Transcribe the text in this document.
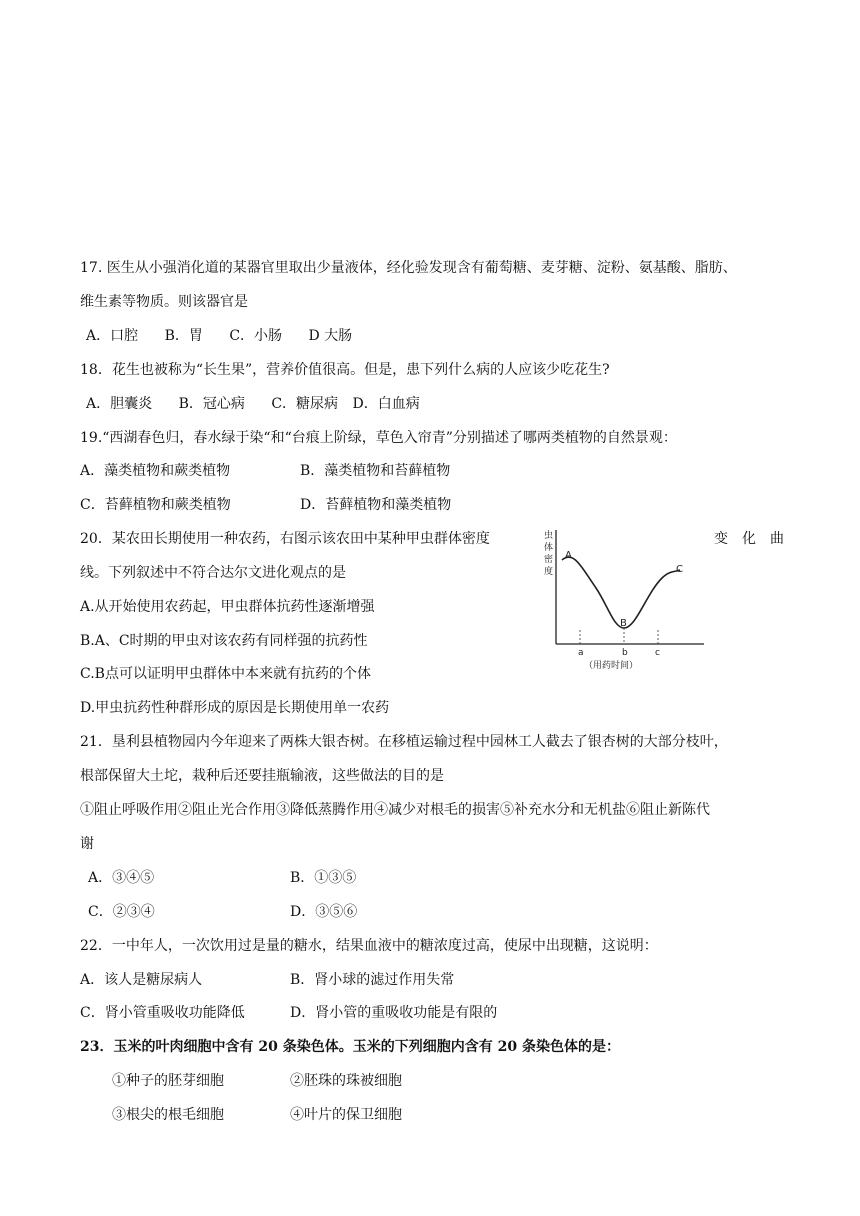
17. 医生从小强消化道的某器官里取出少量液体，经化验发现含有葡萄糖、麦芽糖、淀粉、氨基酸、脂肪、
维生素等物质。则该器官是
A．口腔 B．胃 C．小肠 D 大肠
18．花生也被称为“长生果”，营养价值很高。但是，患下列什么病的人应该少吃花生?
A．胆囊炎 B．冠心病 C．糖尿病 D．白血病
19.“西湖春色归，春水绿于染“和“台痕上阶绿，草色入帘青”分别描述了哪两类植物的自然景观：
A．藻类植物和蕨类植物	B．藻类植物和苔藓植物
C．苔藓植物和蕨类植物	D．苔藓植物和藻类植物
20．某农田长期使用一种农药，右图示该农田中某种甲虫群体密度	变化曲
线。下列叙述中不符合达尔文进化观点的是
A.从开始使用农药起，甲虫群体抗药性逐渐增强
B.A、C时期的甲虫对该农药有同样强的抗药性
C.B点可以证明甲虫群体中本来就有抗药的个体
D.甲虫抗药性种群形成的原因是长期使用单一农药
虫
体
密
度
A
B
C
a	b	c
（用药时间）
21．垦利县植物园内今年迎来了两株大银杏树。在移植运输过程中园林工人截去了银杏树的大部分枝叶，
根部保留大土坨，栽种后还要挂瓶输液，这些做法的目的是
①阻止呼吸作用②阻止光合作用③降低蒸腾作用④减少对根毛的损害⑤补充水分和无机盐⑥阻止新陈代
谢
A．③④⑤	B．①③⑤
C．②③④	D．③⑤⑥
22．一中年人，一次饮用过是量的糖水，结果血液中的糖浓度过高，使尿中出现糖，这说明：
A．该人是糖尿病人	B．肾小球的滤过作用失常
C．肾小管重吸收功能降低	D．肾小管的重吸收功能是有限的
23．玉米的叶肉细胞中含有 20 条染色体。玉米的下列细胞内含有 20 条染色体的是：
①种子的胚芽细胞	②胚珠的珠被细胞
③根尖的根毛细胞	④叶片的保卫细胞
